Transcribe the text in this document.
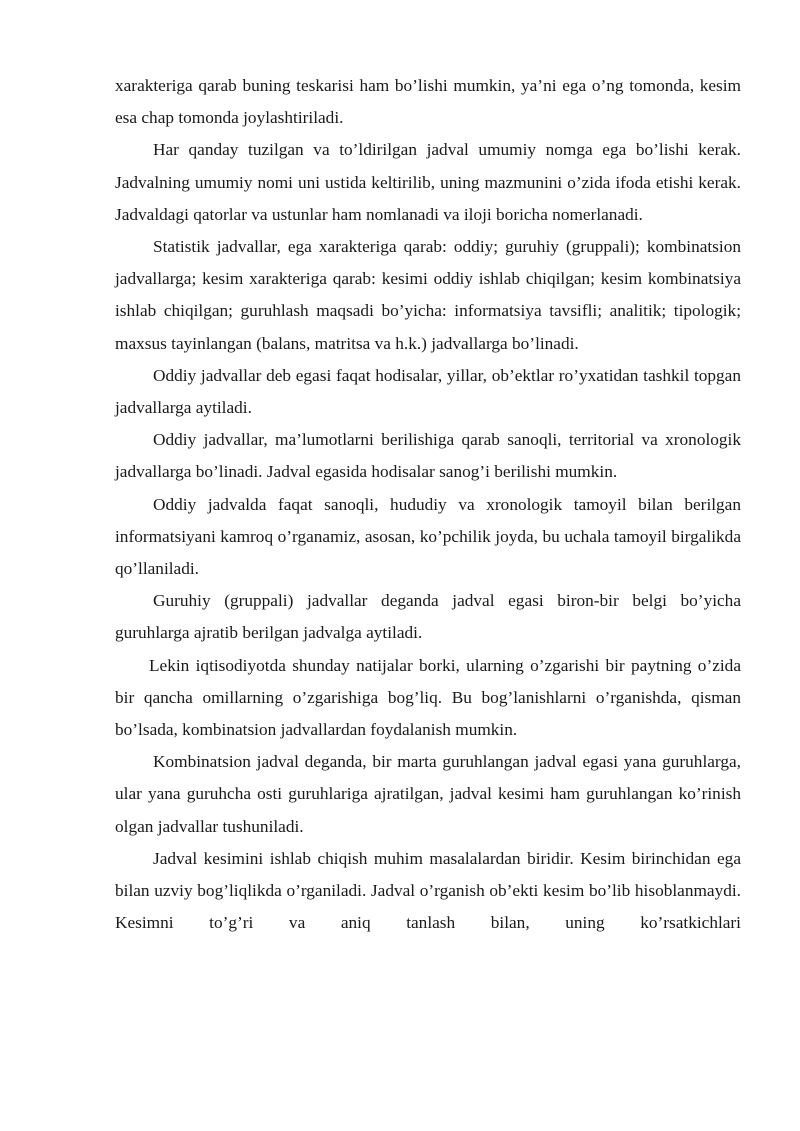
xarakteriga qarab buning teskarisi ham bo’lishi mumkin, ya’ni ega o’ng tomonda, kesim esa chap tomonda joylashtiriladi.

Har qanday tuzilgan va to’ldirilgan jadval umumiy nomga ega bo’lishi kerak. Jadvalning umumiy nomi uni ustida keltirilib, uning mazmunini o’zida ifoda etishi kerak. Jadvaldagi qatorlar va ustunlar ham nomlanadi va iloji boricha nomerlanadi.

Statistik jadvallar, ega xarakteriga qarab: oddiy; guruhiy (gruppali); kombinatsion jadvallarga; kesim xarakteriga qarab: kesimi oddiy ishlab chiqilgan; kesim kombinatsiya ishlab chiqilgan; guruhlash maqsadi bo’yicha: informatsiya tavsifli; analitik; tipologik; maxsus tayinlangan (balans, matritsa va h.k.) jadvallarga bo’linadi.

Oddiy jadvallar deb egasi faqat hodisalar, yillar, ob’ektlar ro’yxatidan tashkil topgan jadvallarga aytiladi.

Oddiy jadvallar, ma’lumotlarni berilishiga qarab sanoqli, territorial va xronologik jadvallarga bo’linadi. Jadval egasida hodisalar sanog’i berilishi mumkin.

Oddiy jadvalda faqat sanoqli, hududiy va xronologik tamoyil bilan berilgan informatsiyani kamroq o’rganamiz, asosan, ko’pchilik joyda, bu uchala tamoyil birgalikda qo’llaniladi.

Guruhiy (gruppali) jadvallar deganda jadval egasi biron-bir belgi bo’yicha guruhlarga ajratib berilgan jadvalga aytiladi.

Lekin iqtisodiyotda shunday natijalar borki, ularning o’zgarishi bir paytning o’zida bir qancha omillarning o’zgarishiga bog’liq. Bu bog’lanishlarni o’rganishda, qisman bo’lsada, kombinatsion jadvallardan foydalanish mumkin.

Kombinatsion jadval deganda, bir marta guruhlangan jadval egasi yana guruhlarga, ular yana guruhcha osti guruhlariga ajratilgan, jadval kesimi ham guruhlangan ko’rinish olgan jadvallar tushuniladi.

Jadval kesimini ishlab chiqish muhim masalalardan biridir. Kesim birinchidan ega bilan uzviy bog’liqlikda o’rganiladi. Jadval o’rganish ob’ekti kesim bo’lib hisoblanmaydi. Kesimni to’g’ri va aniq tanlash bilan, uning ko’rsatkichlari
